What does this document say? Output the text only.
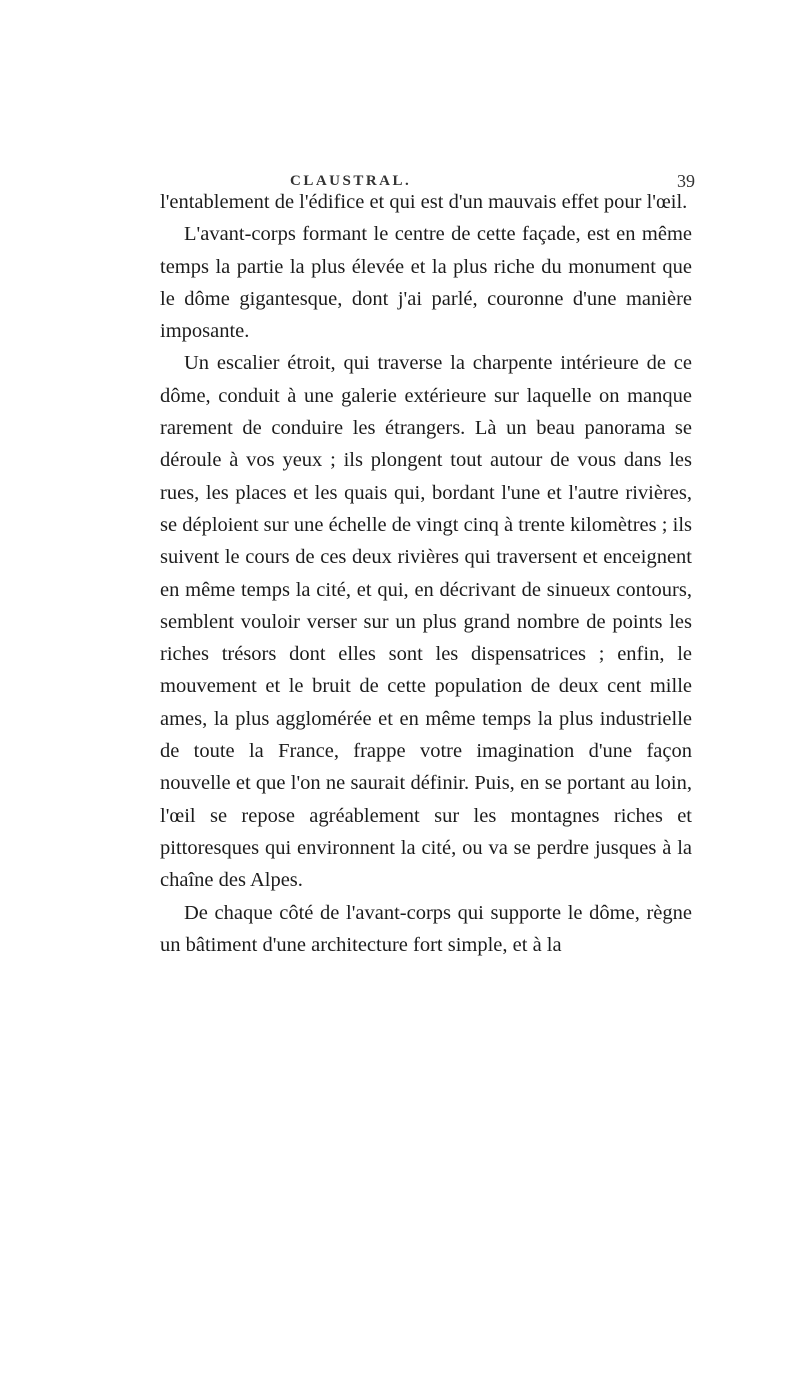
CLAUSTRAL.	39

l'entablement de l'édifice et qui est d'un mauvais effet pour l'œil.

L'avant-corps formant le centre de cette façade, est en même temps la partie la plus élevée et la plus riche du monument que le dôme gigantesque, dont j'ai parlé, couronne d'une manière imposante.

Un escalier étroit, qui traverse la charpente intérieure de ce dôme, conduit à une galerie extérieure sur laquelle on manque rarement de conduire les étrangers. Là un beau panorama se déroule à vos yeux ; ils plongent tout autour de vous dans les rues, les places et les quais qui, bordant l'une et l'autre rivières, se déploient sur une échelle de vingt cinq à trente kilomètres ; ils suivent le cours de ces deux rivières qui traversent et enceignent en même temps la cité, et qui, en décrivant de sinueux contours, semblent vouloir verser sur un plus grand nombre de points les riches trésors dont elles sont les dispensatrices ; enfin, le mouvement et le bruit de cette population de deux cent mille ames, la plus agglomérée et en même temps la plus industrielle de toute la France, frappe votre imagination d'une façon nouvelle et que l'on ne saurait définir. Puis, en se portant au loin, l'œil se repose agréablement sur les montagnes riches et pittoresques qui environnent la cité, ou va se perdre jusques à la chaîne des Alpes.

De chaque côté de l'avant-corps qui supporte le dôme, règne un bâtiment d'une architecture fort simple, et à la
